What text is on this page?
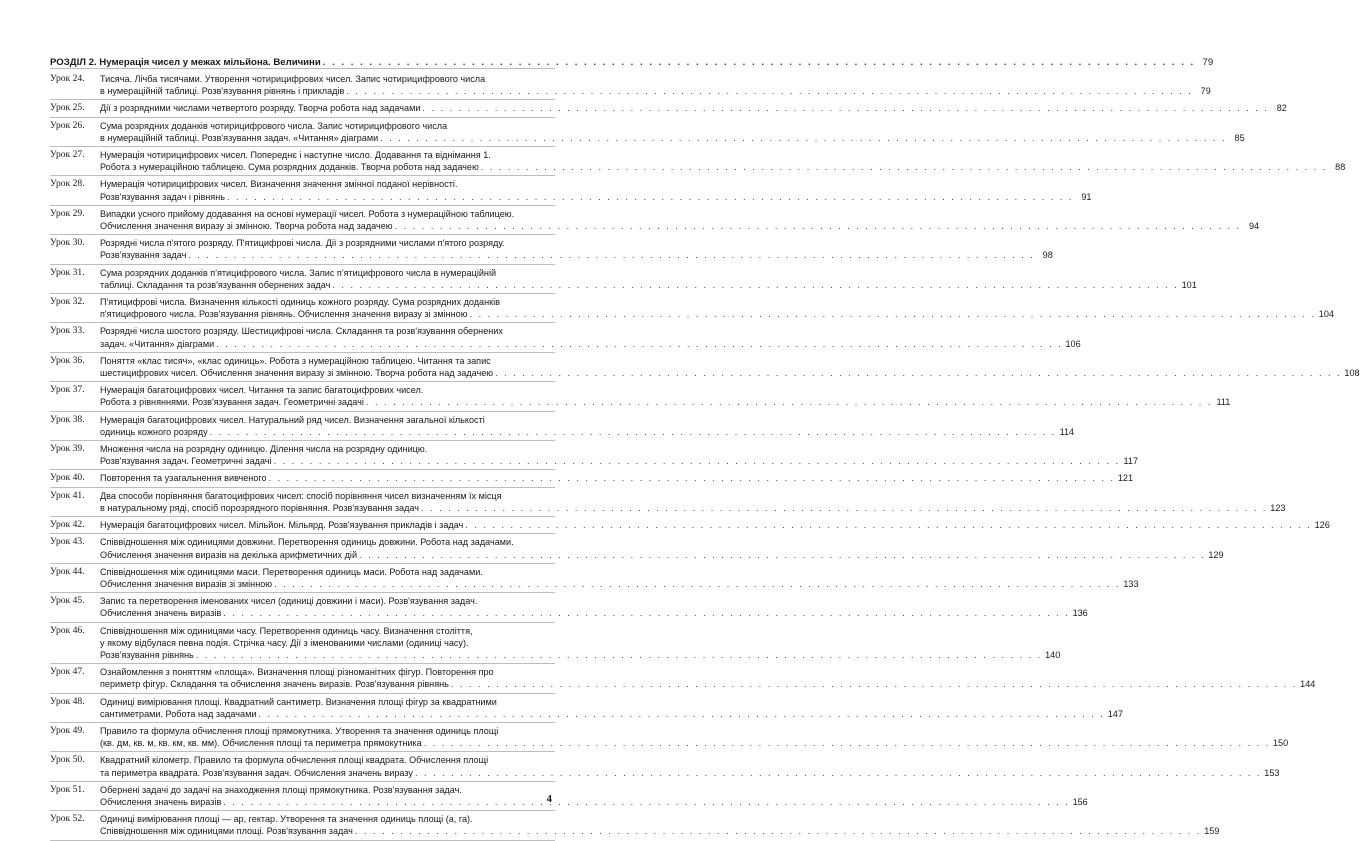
РОЗДІЛ 2. Нумерація чисел у межах мільйона. Величини . . .	79
Урок 24.	Тисяча. Лічба тисячами. Утворення чотирицифрових чисел. Запис чотирицифрового числа
в нумераційній таблиці. Розв'язування рівнянь і прикладів . . .	79
Урок 25.	Дії з розрядними числами четвертого розряду. Творча робота над задачами . . .	82
Урок 26.	Сума розрядних доданків чотирицифрового числа. Запис чотирицифрового числа
в нумераційній таблиці. Розв'язування задач. «Читання» діаграми . . .	85
Урок 27.	Нумерація чотирицифрових чисел. Попереднє і наступне число. Додавання та віднімання 1.
Робота з нумераційною таблицею. Сума розрядних доданків. Творча робота над задачею . . .	88
Урок 28.	Нумерація чотирицифрових чисел. Визначення значення змінної поданої нерівності.
Розв'язування задач і рівнянь . . .	91
Урок 29.	Випадки усного прийому додавання на основі нумерації чисел. Робота з нумераційною таблицею.
Обчислення значення виразу зі змінною. Творча робота над задачею . . .	94
Урок 30.	Розрядні числа п'ятого розряду. П'ятицифрові числа. Дії з розрядними числами п'ятого розряду.
Розв'язування задач . . .	98
Урок 31.	Сума розрядних доданків п'ятицифрового числа. Запис п'ятицифрового числа в нумераційній
таблиці. Складання та розв'язування обернених задач . . .	101
Урок 32.	П'ятицифрові числа. Визначення кількості одиниць кожного розряду. Сума розрядних доданків
п'ятицифрового числа. Розв'язування рівнянь. Обчислення значення виразу зі змінною . . .	104
Урок 33.	Розрядні числа шостого розряду. Шестицифрові числа. Складання та розв'язування обернених
задач. «Читання» діаграми . . .	106
Урок 36.	Поняття «клас тисяч», «клас одиниць». Робота з нумераційною таблицею. Читання та запис
шестицифрових чисел. Обчислення значення виразу зі змінною. Творча робота над задачею . . .	108
Урок 37.	Нумерація багатоцифрових чисел. Читання та запис багатоцифрових чисел.
Робота з рівняннями. Розв'язування задач. Геометричні задачі . . .	111
Урок 38.	Нумерація багатоцифрових чисел. Натуральний ряд чисел. Визначення загальної кількості
одиниць кожного розряду . . .	114
Урок 39.	Множення числа на розрядну одиницю. Ділення числа на розрядну одиницю.
Розв'язування задач. Геометричні задачі . . .	117
Урок 40.	Повторення та узагальнення вивченого . . .	121
Урок 41.	Два способи порівняння багатоцифрових чисел: спосіб порівняння чисел визначенням їх місця
в натуральному ряді, спосіб порозрядного порівняння. Розв'язування задач . . .	123
Урок 42.	Нумерація багатоцифрових чисел. Мільйон. Мільярд. Розв'язування прикладів і задач . . .	126
Урок 43.	Співвідношення між одиницями довжини. Перетворення одиниць довжини. Робота над задачами.
Обчислення значення виразів на декілька арифметичних дій . . .	129
Урок 44.	Співвідношення між одиницями маси. Перетворення одиниць маси. Робота над задачами.
Обчислення значення виразів зі змінною . . .	133
Урок 45.	Запис та перетворення іменованих чисел (одиниці довжини і маси). Розв'язування задач.
Обчислення значень виразів . . .	136
Урок 46.	Співвідношення між одиницями часу. Перетворення одиниць часу. Визначення століття,
у якому відбулася певна подія. Стрічка часу. Дії з іменованими числами (одиниці часу).
Розв'язування рівнянь . . .	140
Урок 47.	Ознайомлення з поняттям «площа». Визначення площі різноманітних фігур. Повторення про
периметр фігур. Складання та обчислення значень виразів. Розв'язування рівнянь . . .	144
Урок 48.	Одиниці вимірювання площі. Квадратний сантиметр. Визначення площі фігур за квадратними
сантиметрами. Робота над задачами . . .	147
Урок 49.	Правило та формула обчислення площі прямокутника. Утворення та значення одиниць площі
(кв. дм, кв. м, кв. км, кв. мм). Обчислення площі та периметра прямокутника . . .	150
Урок 50.	Квадратний кілометр. Правило та формула обчислення площі квадрата. Обчислення площі
та периметра квадрата. Розв'язування задач. Обчислення значень виразу . . .	153
Урок 51.	Обернені задачі до задачі на знаходження площі прямокутника. Розв'язування задач.
Обчислення значень виразів . . .	156
Урок 52.	Одиниці вимірювання площі — ар, гектар. Утворення та значення одиниць площі (а, га).
Співвідношення між одиницями площі. Розв'язування задач . . .	159
4
